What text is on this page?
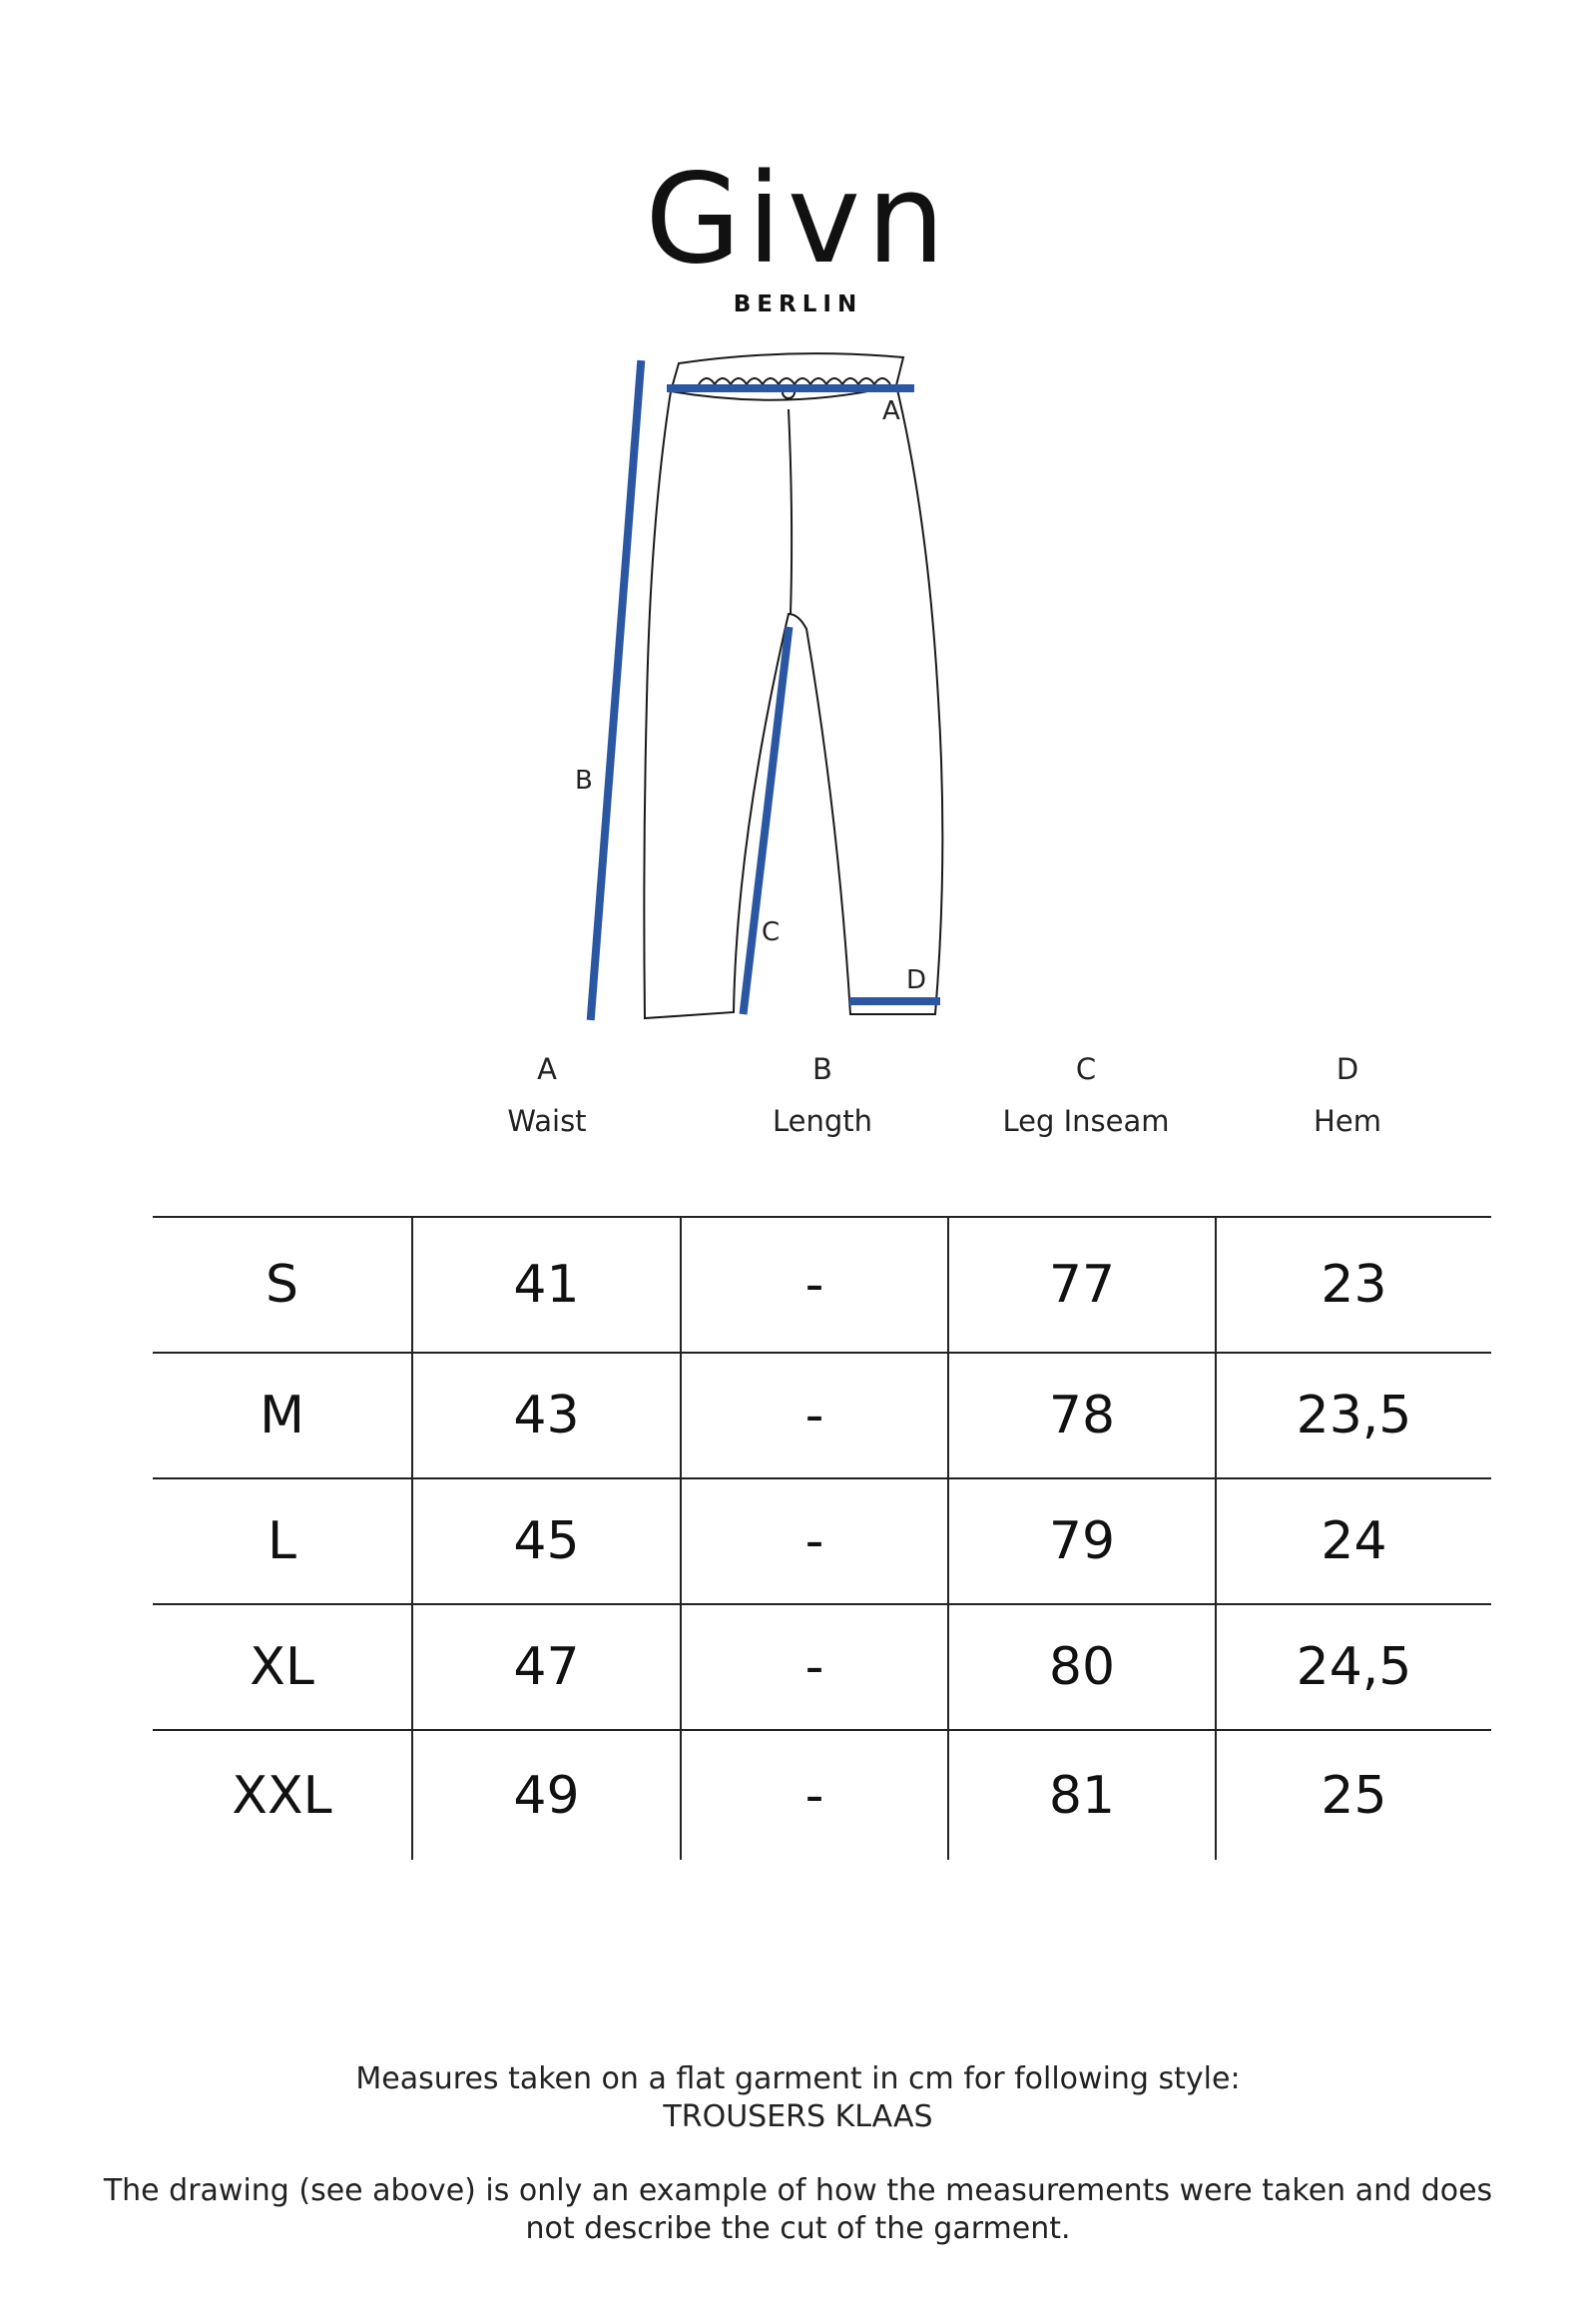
Givn
BERLIN
A
B
C
D
A
Waist
B
Length
C
Leg Inseam
D
Hem
S	41	-	77	23
M	43	-	78	23,5
L	45	-	79	24
XL	47	-	80	24,5
XXL	49	-	81	25
Measures taken on a flat garment in cm for following style:
TROUSERS KLAAS
The drawing (see above) is only an example of how the measurements were taken and does
not describe the cut of the garment.
